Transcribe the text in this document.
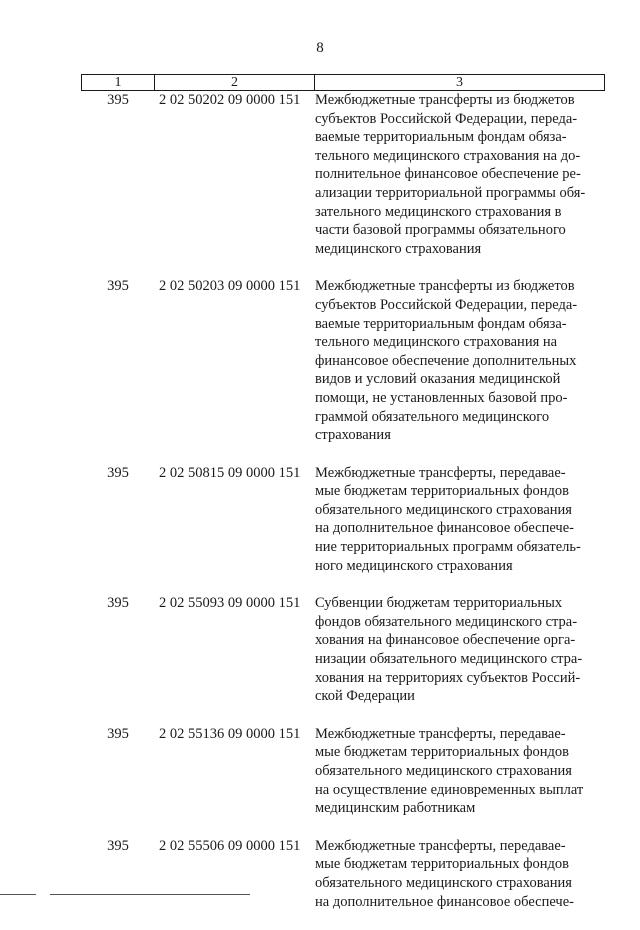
8
1	2	3
395	2 02 50202 09 0000 151	Межбюджетные трансферты из бюджетов
субъектов Российской Федерации, переда-
ваемые территориальным фондам обяза-
тельного медицинского страхования на до-
полнительное финансовое обеспечение ре-
ализации территориальной программы обя-
зательного медицинского страхования в
части базовой программы обязательного
медицинского страхования
395	2 02 50203 09 0000 151	Межбюджетные трансферты из бюджетов
субъектов Российской Федерации, переда-
ваемые территориальным фондам обяза-
тельного медицинского страхования на
финансовое обеспечение дополнительных
видов и условий оказания медицинской
помощи, не установленных базовой про-
граммой обязательного медицинского
страхования
395	2 02 50815 09 0000 151	Межбюджетные трансферты, передавае-
мые бюджетам территориальных фондов
обязательного медицинского страхования
на дополнительное финансовое обеспече-
ние территориальных программ обязатель-
ного медицинского страхования
395	2 02 55093 09 0000 151	Субвенции бюджетам территориальных
фондов обязательного медицинского стра-
хования на финансовое обеспечение орга-
низации обязательного медицинского стра-
хования на территориях субъектов Россий-
ской Федерации
395	2 02 55136 09 0000 151	Межбюджетные трансферты, передавае-
мые бюджетам территориальных фондов
обязательного медицинского страхования
на осуществление единовременных выплат
медицинским работникам
395	2 02 55506 09 0000 151	Межбюджетные трансферты, передавае-
мые бюджетам территориальных фондов
обязательного медицинского страхования
на дополнительное финансовое обеспече-
